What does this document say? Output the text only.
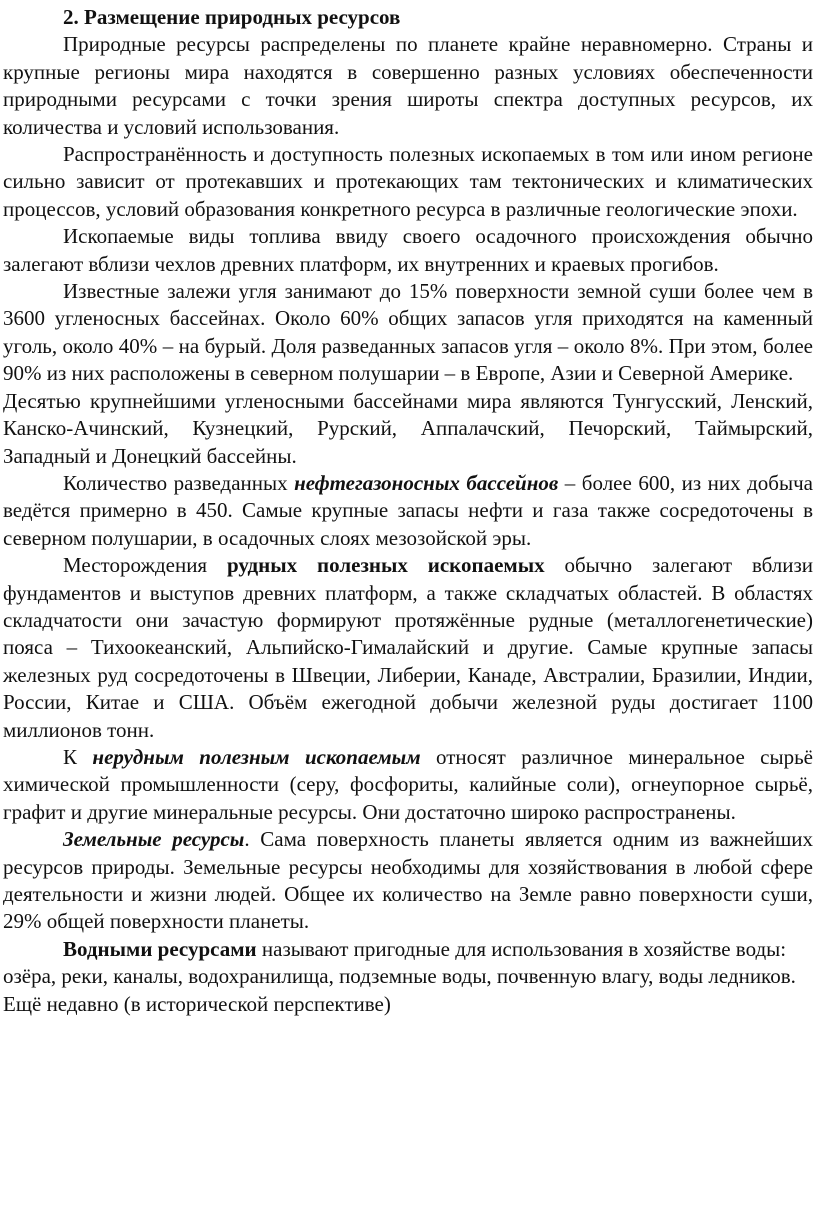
2. Размещение природных ресурсов

Природные ресурсы распределены по планете крайне неравномерно. Страны и крупные регионы мира находятся в совершенно разных условиях обеспеченности природными ресурсами с точки зрения широты спектра доступных ресурсов, их количества и условий использования.

Распространённость и доступность полезных ископаемых в том или ином регионе сильно зависит от протекавших и протекающих там тектонических и климатических процессов, условий образования конкретного ресурса в различные геологические эпохи.

Ископаемые виды топлива ввиду своего осадочного происхождения обычно залегают вблизи чехлов древних платформ, их внутренних и краевых прогибов.

Известные залежи угля занимают до 15% поверхности земной суши более чем в 3600 угленосных бассейнах. Около 60% общих запасов угля приходятся на каменный уголь, около 40% – на бурый. Доля разведанных запасов угля – около 8%. При этом, более 90% из них расположены в северном полушарии – в Европе, Азии и Северной Америке.

Десятью крупнейшими угленосными бассейнами мира являются Тунгусский, Ленский, Канско-Ачинский, Кузнецкий, Рурский, Аппалачский, Печорский, Таймырский, Западный и Донецкий бассейны.

Количество разведанных нефтегазоносных бассейнов – более 600, из них добыча ведётся примерно в 450. Самые крупные запасы нефти и газа также сосредоточены в северном полушарии, в осадочных слоях мезозойской эры.

Месторождения рудных полезных ископаемых обычно залегают вблизи фундаментов и выступов древних платформ, а также складчатых областей. В областях складчатости они зачастую формируют протяжённые рудные (металлогенетические) пояса – Тихоокеанский, Альпийско-Гималайский и другие. Самые крупные запасы железных руд сосредоточены в Швеции, Либерии, Канаде, Австралии, Бразилии, Индии, России, Китае и США. Объём ежегодной добычи железной руды достигает 1100 миллионов тонн.

К нерудным полезным ископаемым относят различное минеральное сырьё химической промышленности (серу, фосфориты, калийные соли), огнеупорное сырьё, графит и другие минеральные ресурсы. Они достаточно широко распространены.

Земельные ресурсы. Сама поверхность планеты является одним из важнейших ресурсов природы. Земельные ресурсы необходимы для хозяйствования в любой сфере деятельности и жизни людей. Общее их количество на Земле равно поверхности суши, 29% общей поверхности планеты.

Водными ресурсами называют пригодные для использования в хозяйстве воды: озёра, реки, каналы, водохранилища, подземные воды, почвенную влагу, воды ледников. Ещё недавно (в исторической перспективе)
